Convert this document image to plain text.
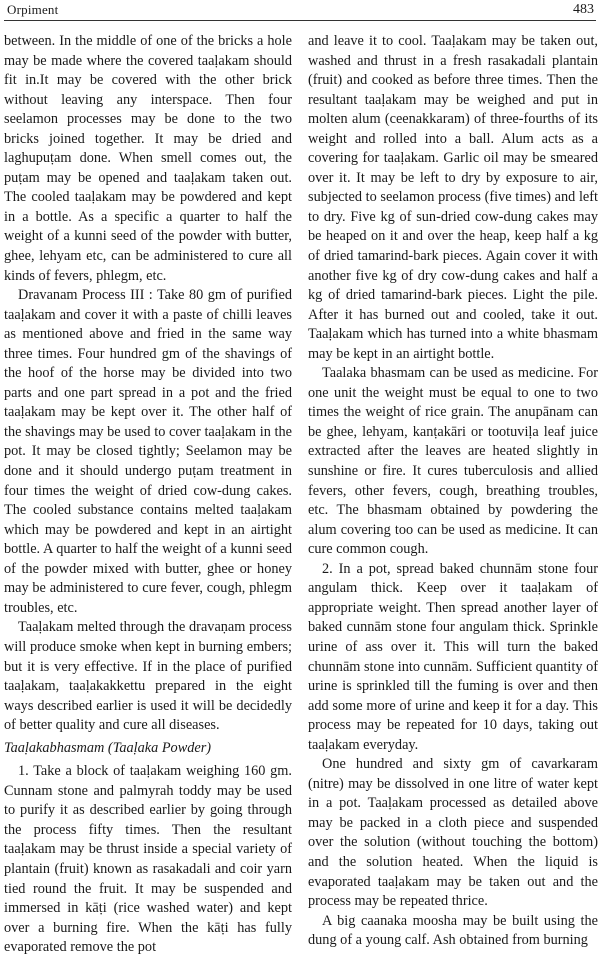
Orpiment	483

between. In the middle of one of the bricks a hole may be made where the covered taaḷakam should fit in.It may be covered with the other brick without leaving any interspace. Then four seelamon processes may be done to the two bricks joined together. It may be dried and laghupuṭam done. When smell comes out, the puṭam may be opened and taaḷakam taken out. The cooled taaḷakam may be powdered and kept in a bottle. As a specific a quarter to half the weight of a kunni seed of the powder with butter, ghee, lehyam etc, can be administered to cure all kinds of fevers, phlegm, etc.

Dravanam Process III : Take 80 gm of purified taaḷakam and cover it with a paste of chilli leaves as mentioned above and fried in the same way three times. Four hundred gm of the shavings of the hoof of the horse may be divided into two parts and one part spread in a pot and the fried taaḷakam may be kept over it. The other half of the shavings may be used to cover taaḷakam in the pot. It may be closed tightly; Seelamon may be done and it should undergo puṭam treatment in four times the weight of dried cow-dung cakes. The cooled substance contains melted taaḷakam which may be powdered and kept in an airtight bottle. A quarter to half the weight of a kunni seed of the powder mixed with butter, ghee or honey may be administered to cure fever, cough, phlegm troubles, etc.

Taaḷakam melted through the dravaṇam process will produce smoke when kept in burning embers; but it is very effective. If in the place of purified taaḷakam, taaḷakakkettu prepared in the eight ways described earlier is used it will be decidedly of better quality and cure all diseases.

Taaḷakabhasmam (Taaḷaka Powder)

1. Take a block of taaḷakam weighing 160 gm. Cunnam stone and palmyrah toddy may be used to purify it as described earlier by going through the process fifty times. Then the resultant taaḷakam may be thrust inside a special variety of plantain (fruit) known as rasakadali and coir yarn tied round the fruit. It may be suspended and immersed in kāṭi (rice washed water) and kept over a burning fire. When the kāṭi has fully evaporated remove the pot

and leave it to cool. Taaḷakam may be taken out, washed and thrust in a fresh rasakadali plantain (fruit) and cooked as before three times. Then the resultant taaḷakam may be weighed and put in molten alum (ceenakkaram) of three-fourths of its weight and rolled into a ball. Alum acts as a covering for taaḷakam. Garlic oil may be smeared over it. It may be left to dry by exposure to air, subjected to seelamon process (five times) and left to dry. Five kg of sun-dried cow-dung cakes may be heaped on it and over the heap, keep half a kg of dried tamarind-bark pieces. Again cover it with another five kg of dry cow-dung cakes and half a kg of dried tamarind-bark pieces. Light the pile. After it has burned out and cooled, take it out. Taaḷakam which has turned into a white bhasmam may be kept in an airtight bottle.

Taalaka bhasmam can be used as medicine. For one unit the weight must be equal to one to two times the weight of rice grain. The anupānam can be ghee, lehyam, kanṭakāri or tootuviḷa leaf juice extracted after the leaves are heated slightly in sunshine or fire. It cures tuberculosis and allied fevers, other fevers, cough, breathing troubles, etc. The bhasmam obtained by powdering the alum covering too can be used as medicine. It can cure common cough.

2. In a pot, spread baked chunnām stone four angulam thick. Keep over it taaḷakam of appropriate weight. Then spread another layer of baked cunnām stone four angulam thick. Sprinkle urine of ass over it. This will turn the baked chunnām stone into cunnām. Sufficient quantity of urine is sprinkled till the fuming is over and then add some more of urine and keep it for a day. This process may be repeated for 10 days, taking out taaḷakam everyday.

One hundred and sixty gm of cavarkaram (nitre) may be dissolved in one litre of water kept in a pot. Taaḷakam processed as detailed above may be packed in a cloth piece and suspended over the solution (without touching the bottom) and the solution heated. When the liquid is evaporated taaḷakam may be taken out and the process may be repeated thrice.

A big caanaka moosha may be built using the dung of a young calf. Ash obtained from burning
